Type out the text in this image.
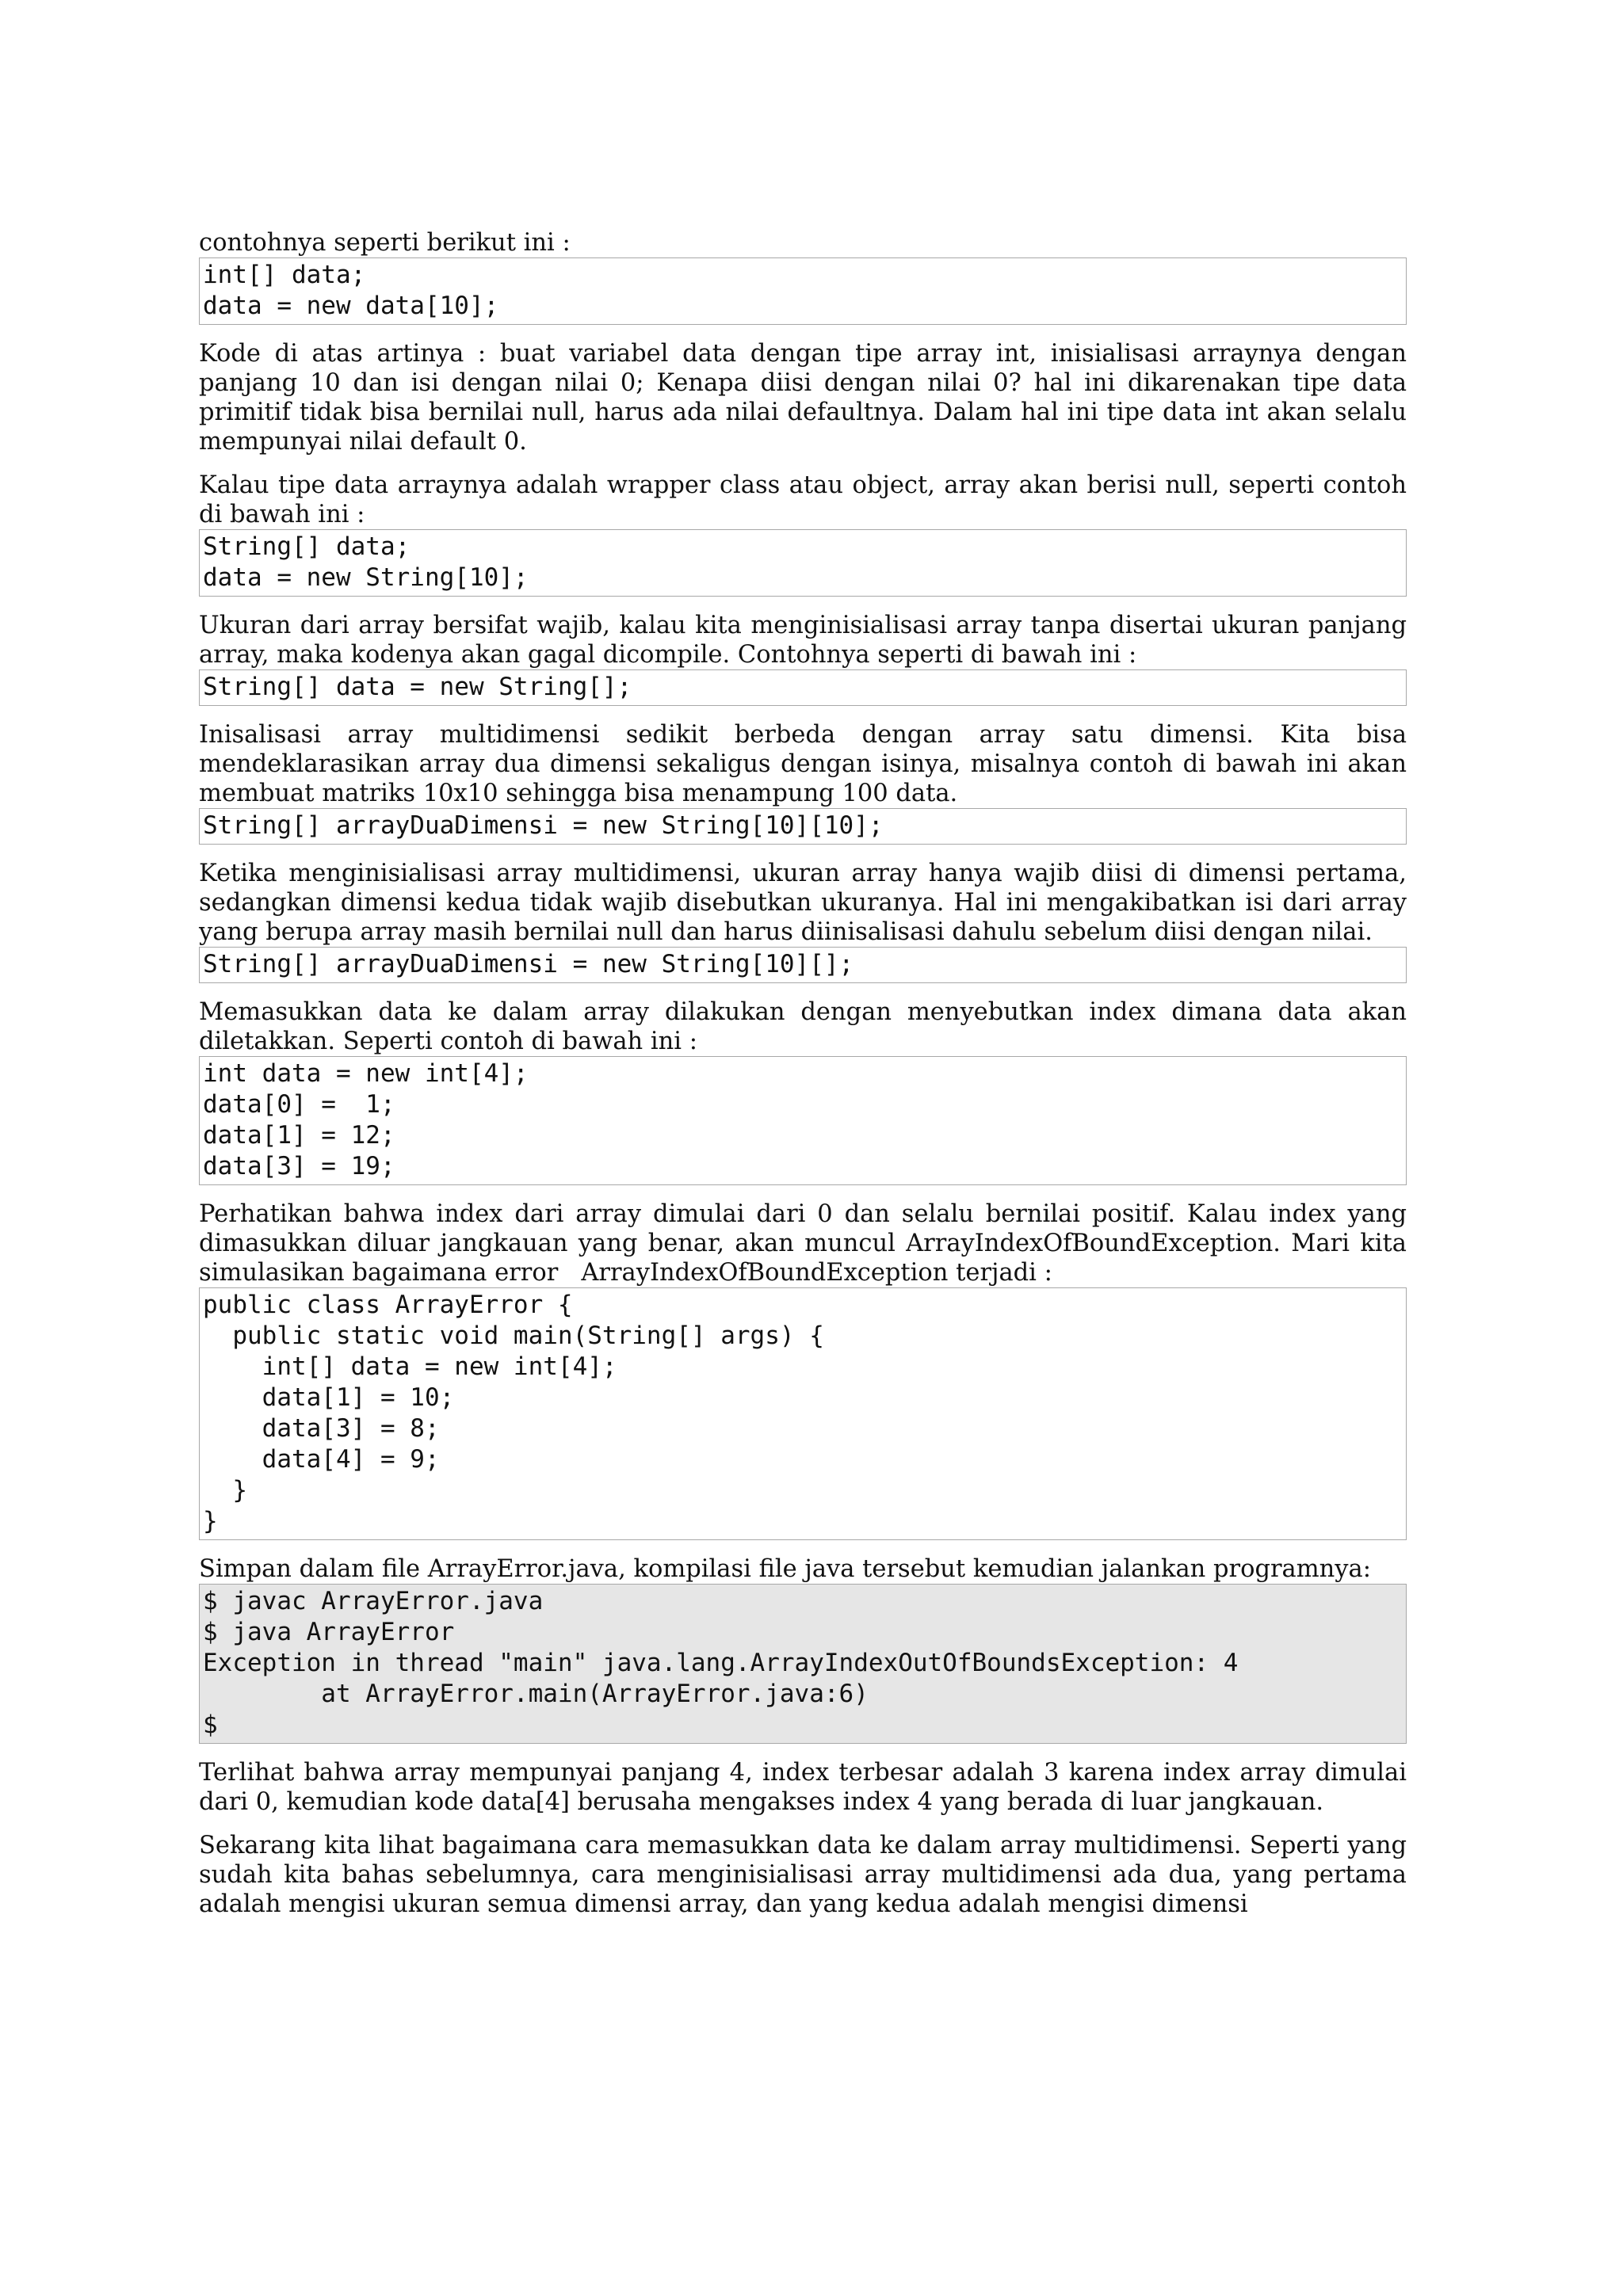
contohnya seperti berikut ini :

int[] data;
data = new data[10];

Kode di atas artinya : buat variabel data dengan tipe array int, inisialisasi arraynya dengan panjang 10 dan isi dengan nilai 0; Kenapa diisi dengan nilai 0? hal ini dikarenakan tipe data primitif tidak bisa bernilai null, harus ada nilai defaultnya. Dalam hal ini tipe data int akan selalu mempunyai nilai default 0.

Kalau tipe data arraynya adalah wrapper class atau object, array akan berisi null, seperti contoh di bawah ini :

String[] data;
data = new String[10];

Ukuran dari array bersifat wajib, kalau kita menginisialisasi array tanpa disertai ukuran panjang array, maka kodenya akan gagal dicompile. Contohnya seperti di bawah ini :

String[] data = new String[];

Inisalisasi array multidimensi sedikit berbeda dengan array satu dimensi. Kita bisa mendeklarasikan array dua dimensi sekaligus dengan isinya, misalnya contoh di bawah ini akan membuat matriks 10x10 sehingga bisa menampung 100 data.

String[] arrayDuaDimensi = new String[10][10];

Ketika menginisialisasi array multidimensi, ukuran array hanya wajib diisi di dimensi pertama, sedangkan dimensi kedua tidak wajib disebutkan ukuranya. Hal ini mengakibatkan isi dari array yang berupa array masih bernilai null dan harus diinisalisasi dahulu sebelum diisi dengan nilai.

String[] arrayDuaDimensi = new String[10][];

Memasukkan data ke dalam array dilakukan dengan menyebutkan index dimana data akan diletakkan. Seperti contoh di bawah ini :

int data = new int[4];
data[0] =  1;
data[1] = 12;
data[3] = 19;

Perhatikan bahwa index dari array dimulai dari 0 dan selalu bernilai positif. Kalau index yang dimasukkan diluar jangkauan yang benar, akan muncul ArrayIndexOfBoundException. Mari kita simulasikan bagaimana error   ArrayIndexOfBoundException terjadi :

public class ArrayError {
public static void main(String[] args) {
int[] data = new int[4];
data[1] = 10;
data[3] = 8;
data[4] = 9;
}
}

Simpan dalam file ArrayError.java, kompilasi file java tersebut kemudian jalankan programnya:

$ javac ArrayError.java
$ java ArrayError
Exception in thread "main" java.lang.ArrayIndexOutOfBoundsException: 4
at ArrayError.main(ArrayError.java:6)
$

Terlihat bahwa array mempunyai panjang 4, index terbesar adalah 3 karena index array dimulai dari 0, kemudian kode data[4] berusaha mengakses index 4 yang berada di luar jangkauan.

Sekarang kita lihat bagaimana cara memasukkan data ke dalam array multidimensi. Seperti yang sudah kita bahas sebelumnya, cara menginisialisasi array multidimensi ada dua, yang pertama adalah mengisi ukuran semua dimensi array, dan yang kedua adalah mengisi dimensi
